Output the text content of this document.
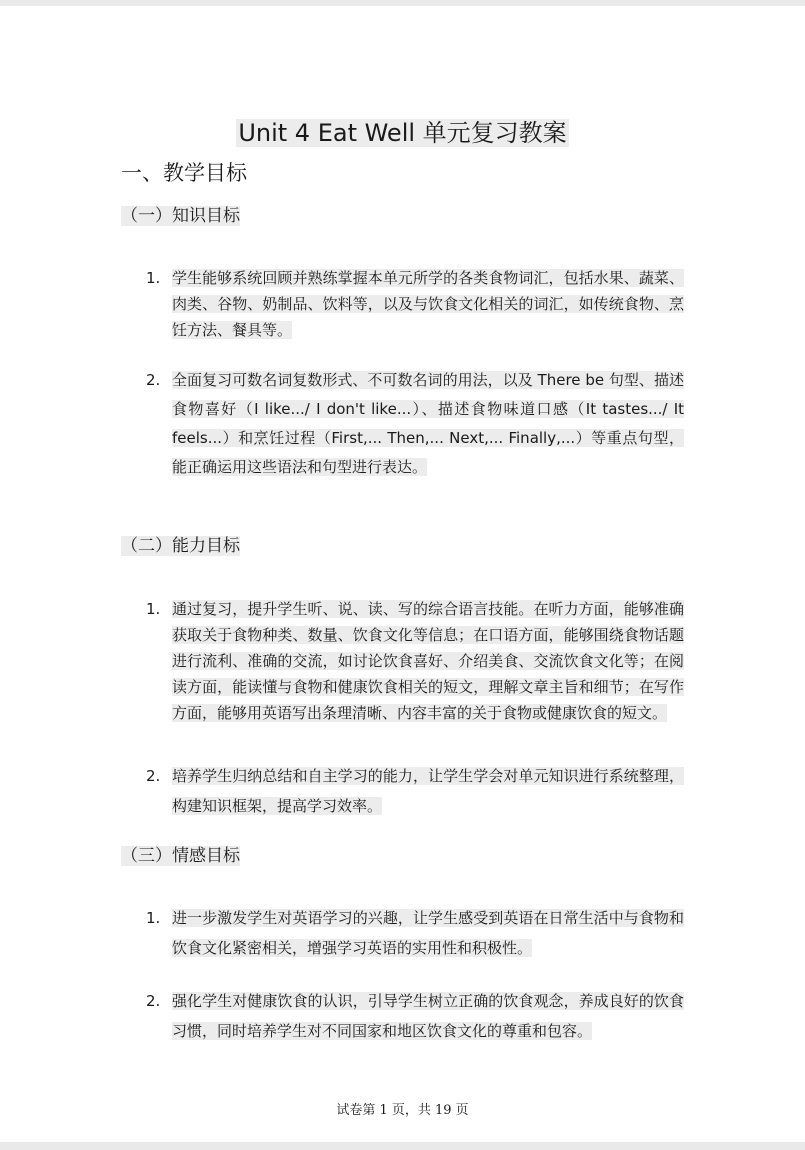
Unit 4 Eat Well 单元复习教案
一、教学目标
（一）知识目标
1. 学生能够系统回顾并熟练掌握本单元所学的各类食物词汇，包括水果、蔬菜、肉类、谷物、奶制品、饮料等，以及与饮食文化相关的词汇，如传统食物、烹饪方法、餐具等。
2. 全面复习可数名词复数形式、不可数名词的用法，以及 There be 句型、描述食物喜好（I like.../ I don't like...）、描述食物味道口感（It tastes.../ It feels...）和烹饪过程（First,... Then,... Next,... Finally,...）等重点句型，能正确运用这些语法和句型进行表达。
（二）能力目标
1. 通过复习，提升学生听、说、读、写的综合语言技能。在听力方面，能够准确获取关于食物种类、数量、饮食文化等信息；在口语方面，能够围绕食物话题进行流利、准确的交流，如讨论饮食喜好、介绍美食、交流饮食文化等；在阅读方面，能读懂与食物和健康饮食相关的短文，理解文章主旨和细节；在写作方面，能够用英语写出条理清晰、内容丰富的关于食物或健康饮食的短文。
2. 培养学生归纳总结和自主学习的能力，让学生学会对单元知识进行系统整理，构建知识框架，提高学习效率。
（三）情感目标
1. 进一步激发学生对英语学习的兴趣，让学生感受到英语在日常生活中与食物和饮食文化紧密相关，增强学习英语的实用性和积极性。
2. 强化学生对健康饮食的认识，引导学生树立正确的饮食观念，养成良好的饮食习惯，同时培养学生对不同国家和地区饮食文化的尊重和包容。
试卷第 1 页，共 19 页
